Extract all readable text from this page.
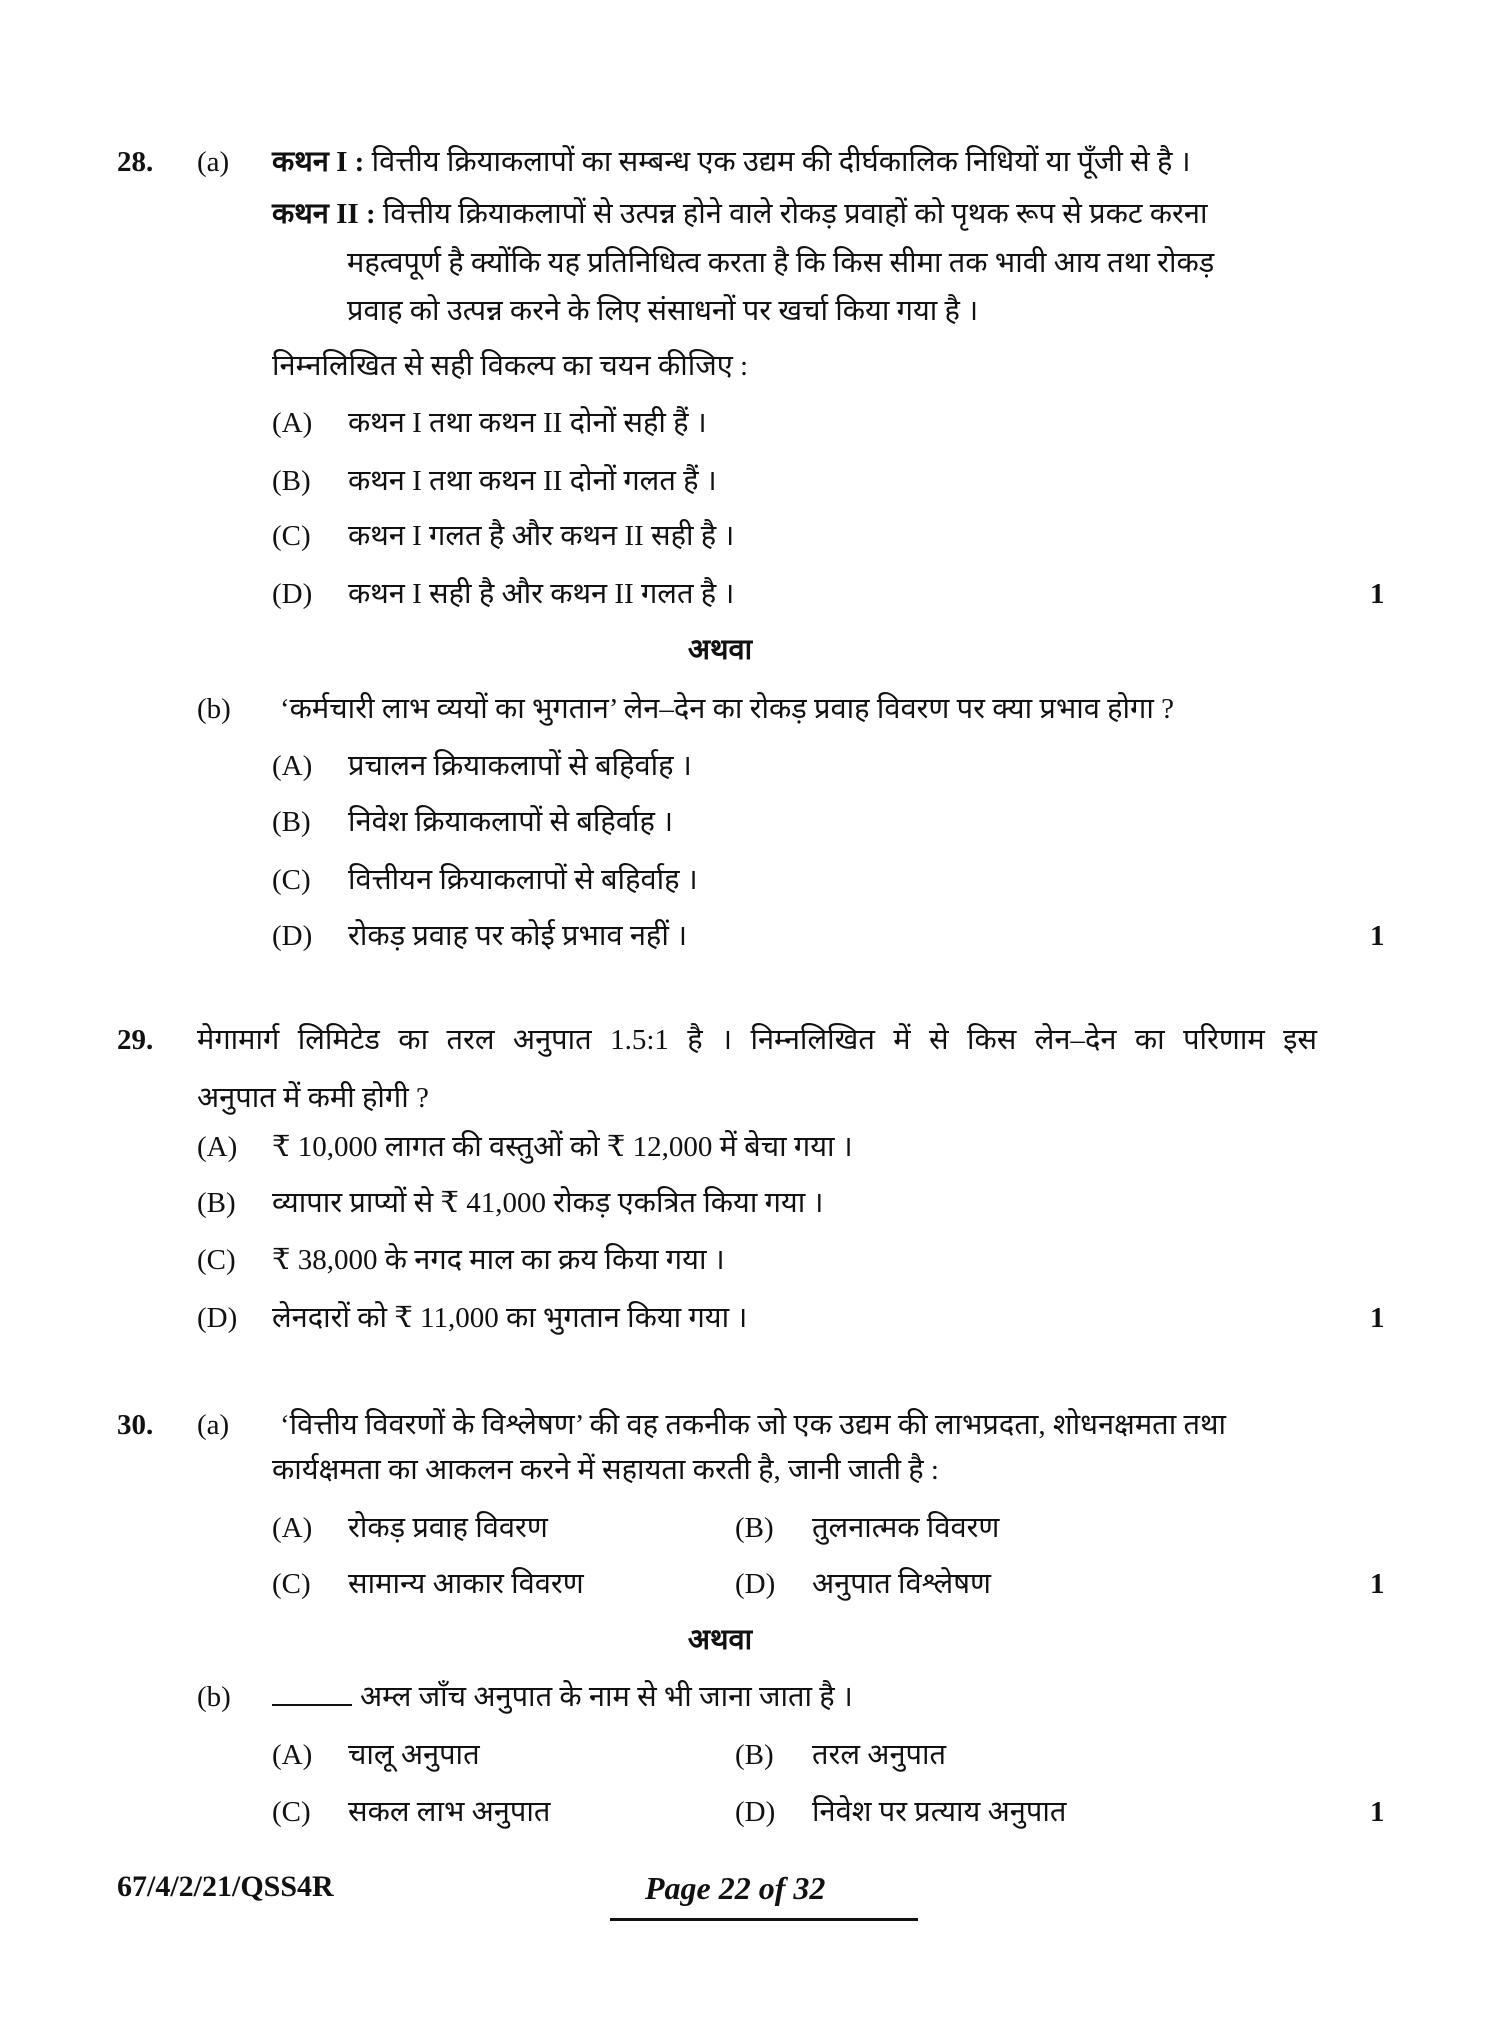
28. (a) कथन I : वित्तीय क्रियाकलापों का सम्बन्ध एक उद्यम की दीर्घकालिक निधियों या पूँजी से है ।
कथन II : वित्तीय क्रियाकलापों से उत्पन्न होने वाले रोकड़ प्रवाहों को पृथक रूप से प्रकट करना
महत्वपूर्ण है क्योंकि यह प्रतिनिधित्व करता है कि किस सीमा तक भावी आय तथा रोकड़
प्रवाह को उत्पन्न करने के लिए संसाधनों पर खर्चा किया गया है ।
निम्नलिखित से सही विकल्प का चयन कीजिए :
(A) कथन I तथा कथन II दोनों सही हैं ।
(B) कथन I तथा कथन II दोनों गलत हैं ।
(C) कथन I गलत है और कथन II सही है ।
(D) कथन I सही है और कथन II गलत है ।	1
अथवा
(b) ‘कर्मचारी लाभ व्ययों का भुगतान’ लेन–देन का रोकड़ प्रवाह विवरण पर क्या प्रभाव होगा ?
(A) प्रचालन क्रियाकलापों से बहिर्वाह ।
(B) निवेश क्रियाकलापों से बहिर्वाह ।
(C) वित्तीयन क्रियाकलापों से बहिर्वाह ।
(D) रोकड़ प्रवाह पर कोई प्रभाव नहीं ।	1
29. मेगामार्ग लिमिटेड का तरल अनुपात 1.5:1 है । निम्नलिखित में से किस लेन–देन का परिणाम इस
अनुपात में कमी होगी ?
(A) ₹ 10,000 लागत की वस्तुओं को ₹ 12,000 में बेचा गया ।
(B) व्यापार प्राप्यों से ₹ 41,000 रोकड़ एकत्रित किया गया ।
(C) ₹ 38,000 के नगद माल का क्रय किया गया ।
(D) लेनदारों को ₹ 11,000 का भुगतान किया गया ।	1
30. (a) ‘वित्तीय विवरणों के विश्लेषण’ की वह तकनीक जो एक उद्यम की लाभप्रदता, शोधनक्षमता तथा
कार्यक्षमता का आकलन करने में सहायता करती है, जानी जाती है :
(A) रोकड़ प्रवाह विवरण	(B) तुलनात्मक विवरण
(C) सामान्य आकार विवरण	(D) अनुपात विश्लेषण	1
अथवा
(b)	अम्ल जाँच अनुपात के नाम से भी जाना जाता है ।
(A) चालू अनुपात	(B) तरल अनुपात
(C) सकल लाभ अनुपात	(D) निवेश पर प्रत्याय अनुपात	1
67/4/2/21/QSS4R	Page 22 of 32
